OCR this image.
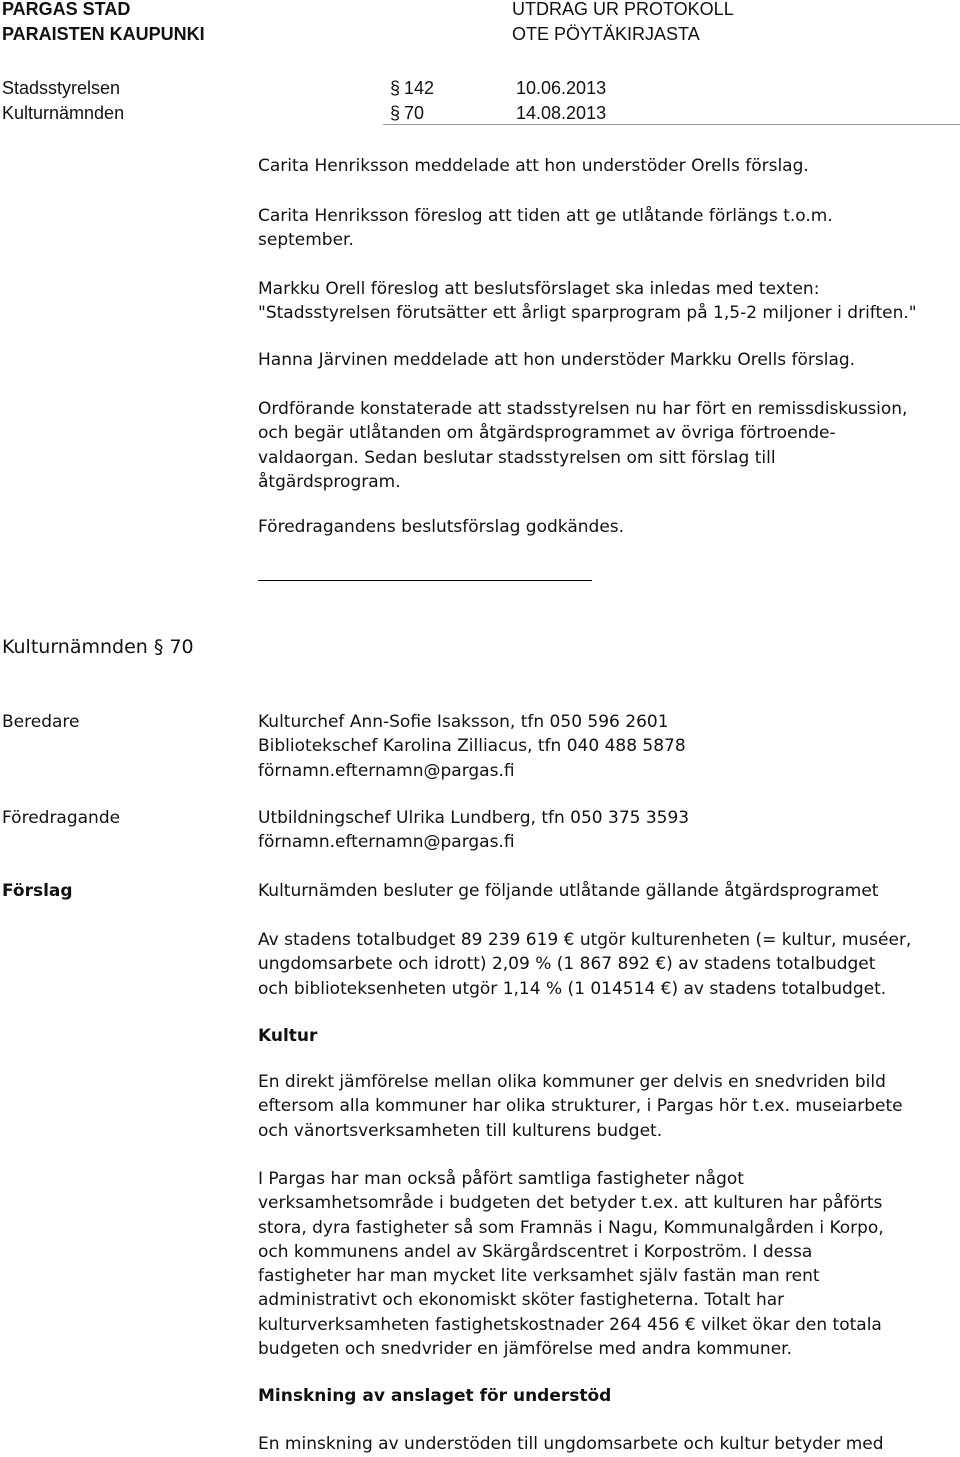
PARGAS STAD
PARAISTEN KAUPUNKI
UTDRAG UR PROTOKOLL
OTE PÖYTÄKIRJASTA
Stadsstyrelsen	§ 142	10.06.2013
Kulturnämnden	§ 70	14.08.2013
Carita Henriksson meddelade att hon understöder Orells förslag.
Carita Henriksson föreslog att tiden att ge utlåtande förlängs t.o.m.
september.
Markku Orell föreslog att beslutsförslaget ska inledas med texten:
"Stadsstyrelsen förutsätter ett årligt sparprogram på 1,5-2 miljoner i driften."
Hanna Järvinen meddelade att hon understöder Markku Orells förslag.
Ordförande konstaterade att stadsstyrelsen nu har fört en remissdiskussion,
och begär utlåtanden om åtgärdsprogrammet av övriga förtroende-
valdaorgan. Sedan beslutar stadsstyrelsen om sitt förslag till
åtgärdsprogram.
Föredragandens beslutsförslag godkändes.
Kulturnämnden § 70
Beredare	Kulturchef Ann-Sofie Isaksson, tfn 050 596 2601
Bibliotekschef Karolina Zilliacus, tfn 040 488 5878
förnamn.efternamn@pargas.fi
Föredragande	Utbildningschef Ulrika Lundberg, tfn 050 375 3593
förnamn.efternamn@pargas.fi
Förslag	Kulturnämden besluter ge följande utlåtande gällande åtgärdsprogramet
Av stadens totalbudget 89 239 619 € utgör kulturenheten (= kultur, muséer,
ungdomsarbete och idrott) 2,09 % (1 867 892 €) av stadens totalbudget
och biblioteksenheten utgör 1,14 % (1 014514 €) av stadens totalbudget.
Kultur
En direkt jämförelse mellan olika kommuner ger delvis en snedvriden bild
eftersom alla kommuner har olika strukturer, i Pargas hör t.ex. museiarbete
och vänortsverksamheten till kulturens budget.
I Pargas har man också påfört samtliga fastigheter något
verksamhetsområde i budgeten det betyder t.ex. att kulturen har påförts
stora, dyra fastigheter så som Framnäs i Nagu, Kommunalgården i Korpo,
och kommunens andel av Skärgårdscentret i Korpoström. I dessa
fastigheter har man mycket lite verksamhet själv fastän man rent
administrativt och ekonomiskt sköter fastigheterna. Totalt har
kulturverksamheten fastighetskostnader 264 456 € vilket ökar den totala
budgeten och snedvrider en jämförelse med andra kommuner.
Minskning av anslaget för understöd
En minskning av understöden till ungdomsarbete och kultur betyder med
